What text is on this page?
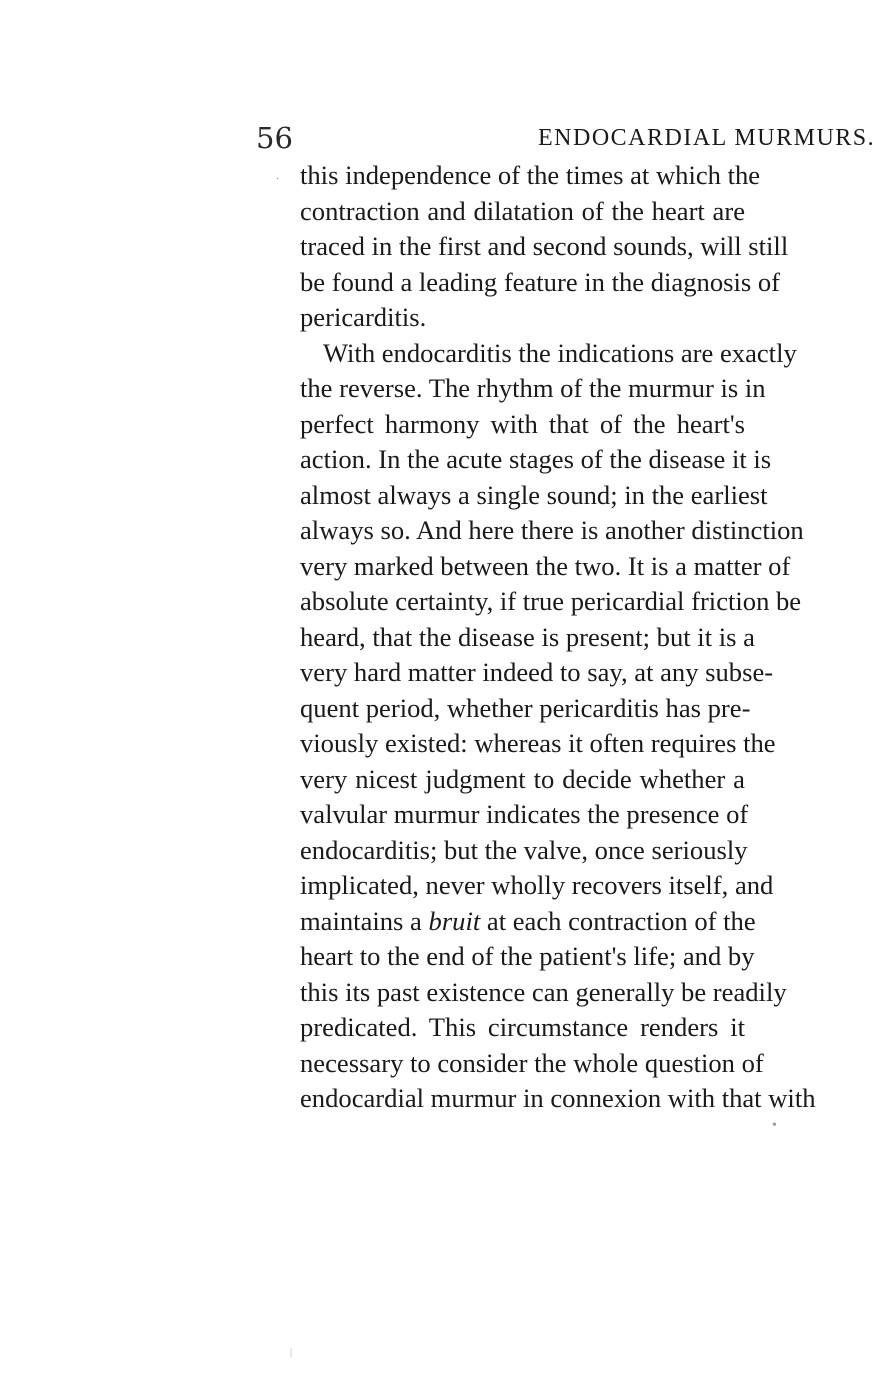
56	ENDOCARDIAL MURMURS.
this independence of the times at which the
contraction and dilatation of the heart are
traced in the first and second sounds, will still
be found a leading feature in the diagnosis of
pericarditis.
With endocarditis the indications are exactly
the reverse. The rhythm of the murmur is in
perfect harmony with that of the heart's
action. In the acute stages of the disease it is
almost always a single sound; in the earliest
always so. And here there is another distinction
very marked between the two. It is a matter of
absolute certainty, if true pericardial friction be
heard, that the disease is present; but it is a
very hard matter indeed to say, at any subse-
quent period, whether pericarditis has pre-
viously existed: whereas it often requires the
very nicest judgment to decide whether a
valvular murmur indicates the presence of
endocarditis; but the valve, once seriously
implicated, never wholly recovers itself, and
maintains a bruit at each contraction of the
heart to the end of the patient's life; and by
this its past existence can generally be readily
predicated. This circumstance renders it
necessary to consider the whole question of
endocardial murmur in connexion with that with
·
•
|
